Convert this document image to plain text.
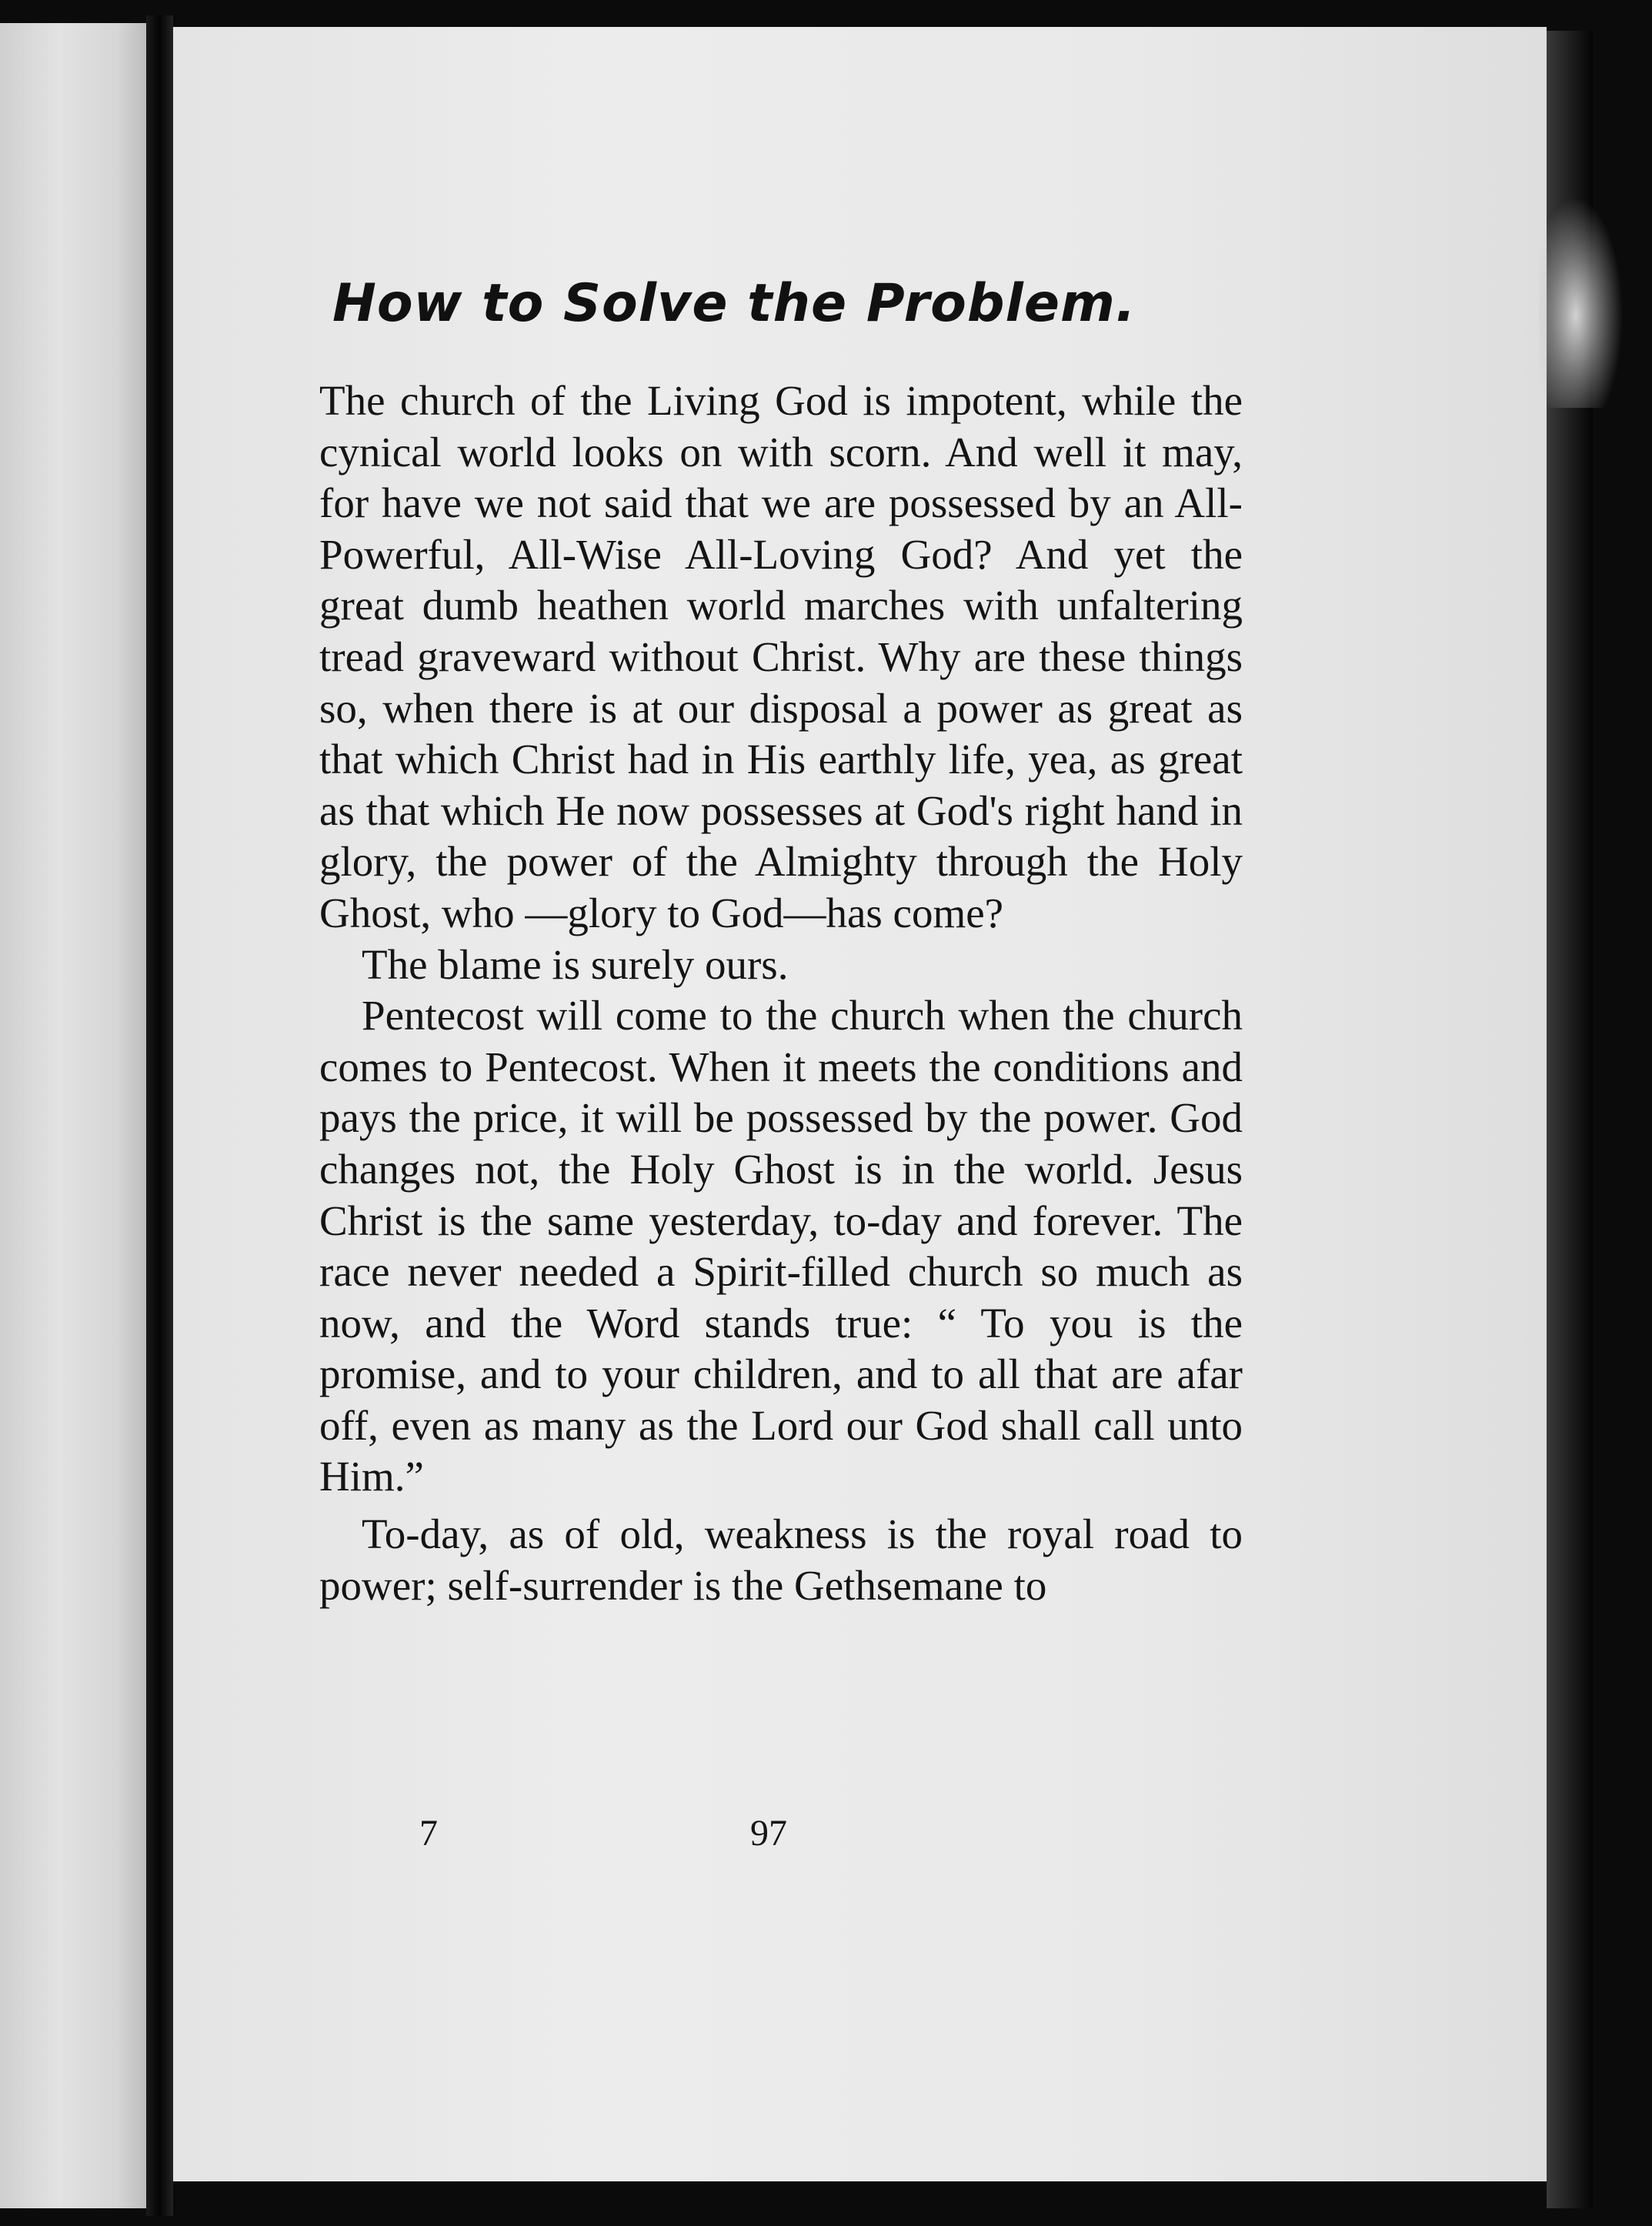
How to Solve the Problem.

The church of the Living God is impotent, while the cynical world looks on with scorn. And well it may, for have we not said that we are possessed by an All-Powerful, All-Wise All-Loving God? And yet the great dumb heathen world marches with unfaltering tread graveward without Christ. Why are these things so, when there is at our disposal a power as great as that which Christ had in His earthly life, yea, as great as that which He now possesses at God's right hand in glory, the power of the Almighty through the Holy Ghost, who —glory to God—has come?

The blame is surely ours.

Pentecost will come to the church when the church comes to Pentecost. When it meets the conditions and pays the price, it will be possessed by the power. God changes not, the Holy Ghost is in the world. Jesus Christ is the same yesterday, to-day and forever. The race never needed a Spirit-filled church so much as now, and the Word stands true: “ To you is the promise, and to your children, and to all that are afar off, even as many as the Lord our God shall call unto Him.”

To-day, as of old, weakness is the royal road to power; self-surrender is the Gethsemane to

7	97
